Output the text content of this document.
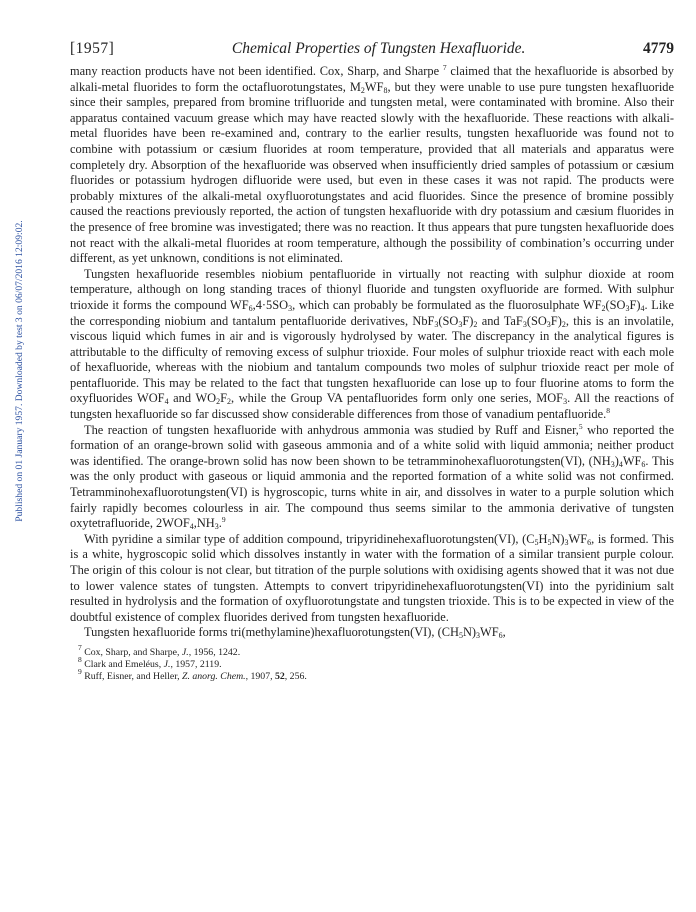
Published on 01 January 1957. Downloaded by test 3 on 06/07/2016 12:09:02.
[1957]	Chemical Properties of Tungsten Hexafluoride.	4779

many reaction products have not been identified. Cox, Sharp, and Sharpe $^7$ claimed that the hexafluoride is absorbed by alkali-metal fluorides to form the octafluorotungstates, $M_2WF_8$, but they were unable to use pure tungsten hexafluoride since their samples, prepared from bromine trifluoride and tungsten metal, were contaminated with bromine. Also their apparatus contained vacuum grease which may have reacted slowly with the hexafluoride. These reactions with alkali-metal fluorides have been re-examined and, contrary to the earlier results, tungsten hexafluoride was found not to combine with potassium or cæsium fluorides at room temperature, provided that all materials and apparatus were completely dry. Absorption of the hexafluoride was observed when insufficiently dried samples of potassium or cæsium fluorides or potassium hydrogen difluoride were used, but even in these cases it was not rapid. The products were probably mixtures of the alkali-metal oxyfluorotungstates and acid fluorides. Since the presence of bromine possibly caused the reactions previously reported, the action of tungsten hexafluoride with dry potassium and cæsium fluorides in the presence of free bromine was investigated; there was no reaction. It thus appears that pure tungsten hexafluoride does not react with the alkali-metal fluorides at room temperature, although the possibility of combination’s occurring under different, as yet unknown, conditions is not eliminated.

Tungsten hexafluoride resembles niobium pentafluoride in virtually not reacting with sulphur dioxide at room temperature, although on long standing traces of thionyl fluoride and tungsten oxyfluoride are formed. With sulphur trioxide it forms the compound $WF_6,4\cdot 5SO_3$, which can probably be formulated as the fluorosulphate $WF_2(SO_3F)_4$. Like the corresponding niobium and tantalum pentafluoride derivatives, $NbF_3(SO_3F)_2$ and $TaF_3(SO_3F)_2$, this is an involatile, viscous liquid which fumes in air and is vigorously hydrolysed by water. The discrepancy in the analytical figures is attributable to the difficulty of removing excess of sulphur trioxide. Four moles of sulphur trioxide react with each mole of hexafluoride, whereas with the niobium and tantalum compounds two moles of sulphur trioxide react per mole of pentafluoride. This may be related to the fact that tungsten hexafluoride can lose up to four fluorine atoms to form the oxyfluorides $WOF_4$ and $WO_2F_2$, while the Group VA pentafluorides form only one series, $MOF_3$. All the reactions of tungsten hexafluoride so far discussed show considerable differences from those of vanadium pentafluoride.$^8$

The reaction of tungsten hexafluoride with anhydrous ammonia was studied by Ruff and Eisner,$^5$ who reported the formation of an orange-brown solid with gaseous ammonia and of a white solid with liquid ammonia; neither product was identified. The orange-brown solid has now been shown to be tetramminohexafluorotungsten(VI), $(NH_3)_4WF_6$. This was the only product with gaseous or liquid ammonia and the reported formation of a white solid was not confirmed. Tetramminohexafluorotungsten(VI) is hygroscopic, turns white in air, and dissolves in water to a purple solution which fairly rapidly becomes colourless in air. The compound thus seems similar to the ammonia derivative of tungsten oxytetrafluoride, $2WOF_4,NH_3.^9$

With pyridine a similar type of addition compound, tripyridinehexafluorotungsten(VI), $(C_5H_5N)_3WF_6$, is formed. This is a white, hygroscopic solid which dissolves instantly in water with the formation of a similar transient purple colour. The origin of this colour is not clear, but titration of the purple solutions with oxidising agents showed that it was not due to lower valence states of tungsten. Attempts to convert tripyridinehexafluorotungsten(VI) into the pyridinium salt resulted in hydrolysis and the formation of oxyfluorotungstate and tungsten trioxide. This is to be expected in view of the doubtful existence of complex fluorides derived from tungsten hexafluoride.

Tungsten hexafluoride forms tri(methylamine)hexafluorotungsten(VI), $(CH_5N)_3WF_6$,

$^7$ Cox, Sharp, and Sharpe, J., 1956, 1242.
$^8$ Clark and Emeléus, J., 1957, 2119.
$^9$ Ruff, Eisner, and Heller, Z. anorg. Chem., 1907, 52, 256.
